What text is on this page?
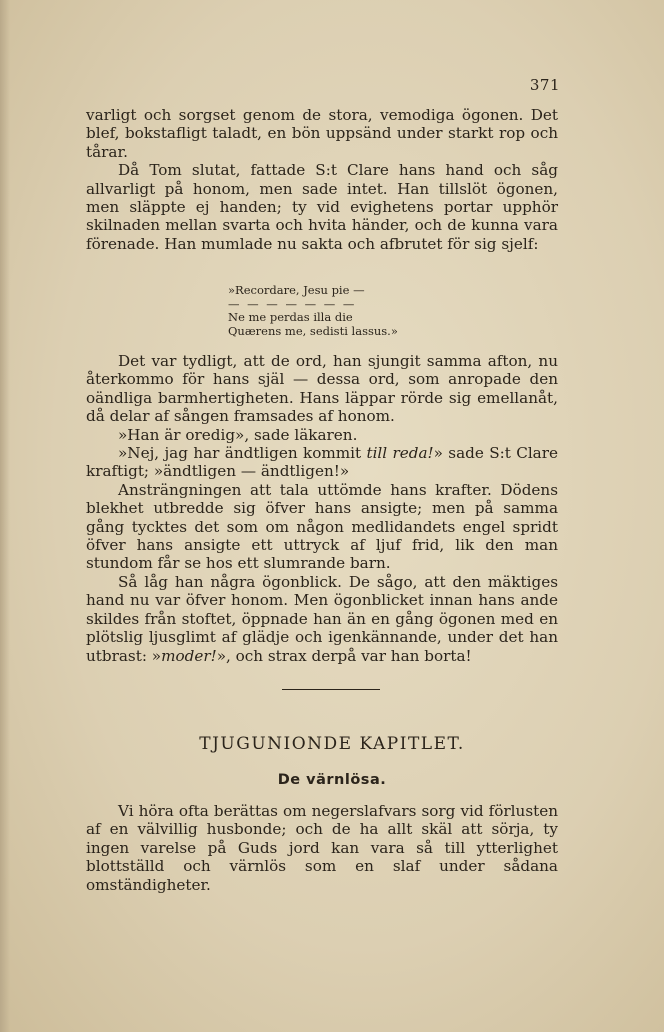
371

varligt och sorgset genom de stora, vemodiga ögonen. Det blef, bokstafligt taladt, en bön uppsänd under starkt rop och tårar.

Då Tom slutat, fattade S:t Clare hans hand och såg allvarligt på honom, men sade intet. Han tillslöt ögonen, men släppte ej handen; ty vid evighetens portar upphör skilnaden mellan svarta och hvita händer, och de kunna vara förenade. Han mumlade nu sakta och afbrutet för sig sjelf:

»Recordare, Jesu pie —
— — — — — — —
Ne me perdas illa die
Quærens me, sedisti lassus.»

Det var tydligt, att de ord, han sjungit samma afton, nu återkommo för hans själ — dessa ord, som anropade den oändliga barmhertigheten. Hans läppar rörde sig emellanåt, då delar af sången framsades af honom.

»Han är oredig», sade läkaren.

»Nej, jag har ändtligen kommit till reda!» sade S:t Clare kraftigt; »ändtligen — ändtligen!»

Ansträngningen att tala uttömde hans krafter. Dödens blekhet utbredde sig öfver hans ansigte; men på samma gång tycktes det som om någon medlidandets engel spridt öfver hans ansigte ett uttryck af ljuf frid, lik den man stundom får se hos ett slumrande barn.

Så låg han några ögonblick. De sågo, att den mäktiges hand nu var öfver honom. Men ögonblicket innan hans ande skildes från stoftet, öppnade han än en gång ögonen med en plötslig ljusglimt af glädje och igenkännande, under det han utbrast: »moder!», och strax derpå var han borta!

TJUGUNIONDE KAPITLET.
De värnlösa.

Vi höra ofta berättas om negerslafvars sorg vid förlusten af en välvillig husbonde; och de ha allt skäl att sörja, ty ingen varelse på Guds jord kan vara så till ytterlighet blottställd och värnlös som en slaf under sådana omständigheter.
